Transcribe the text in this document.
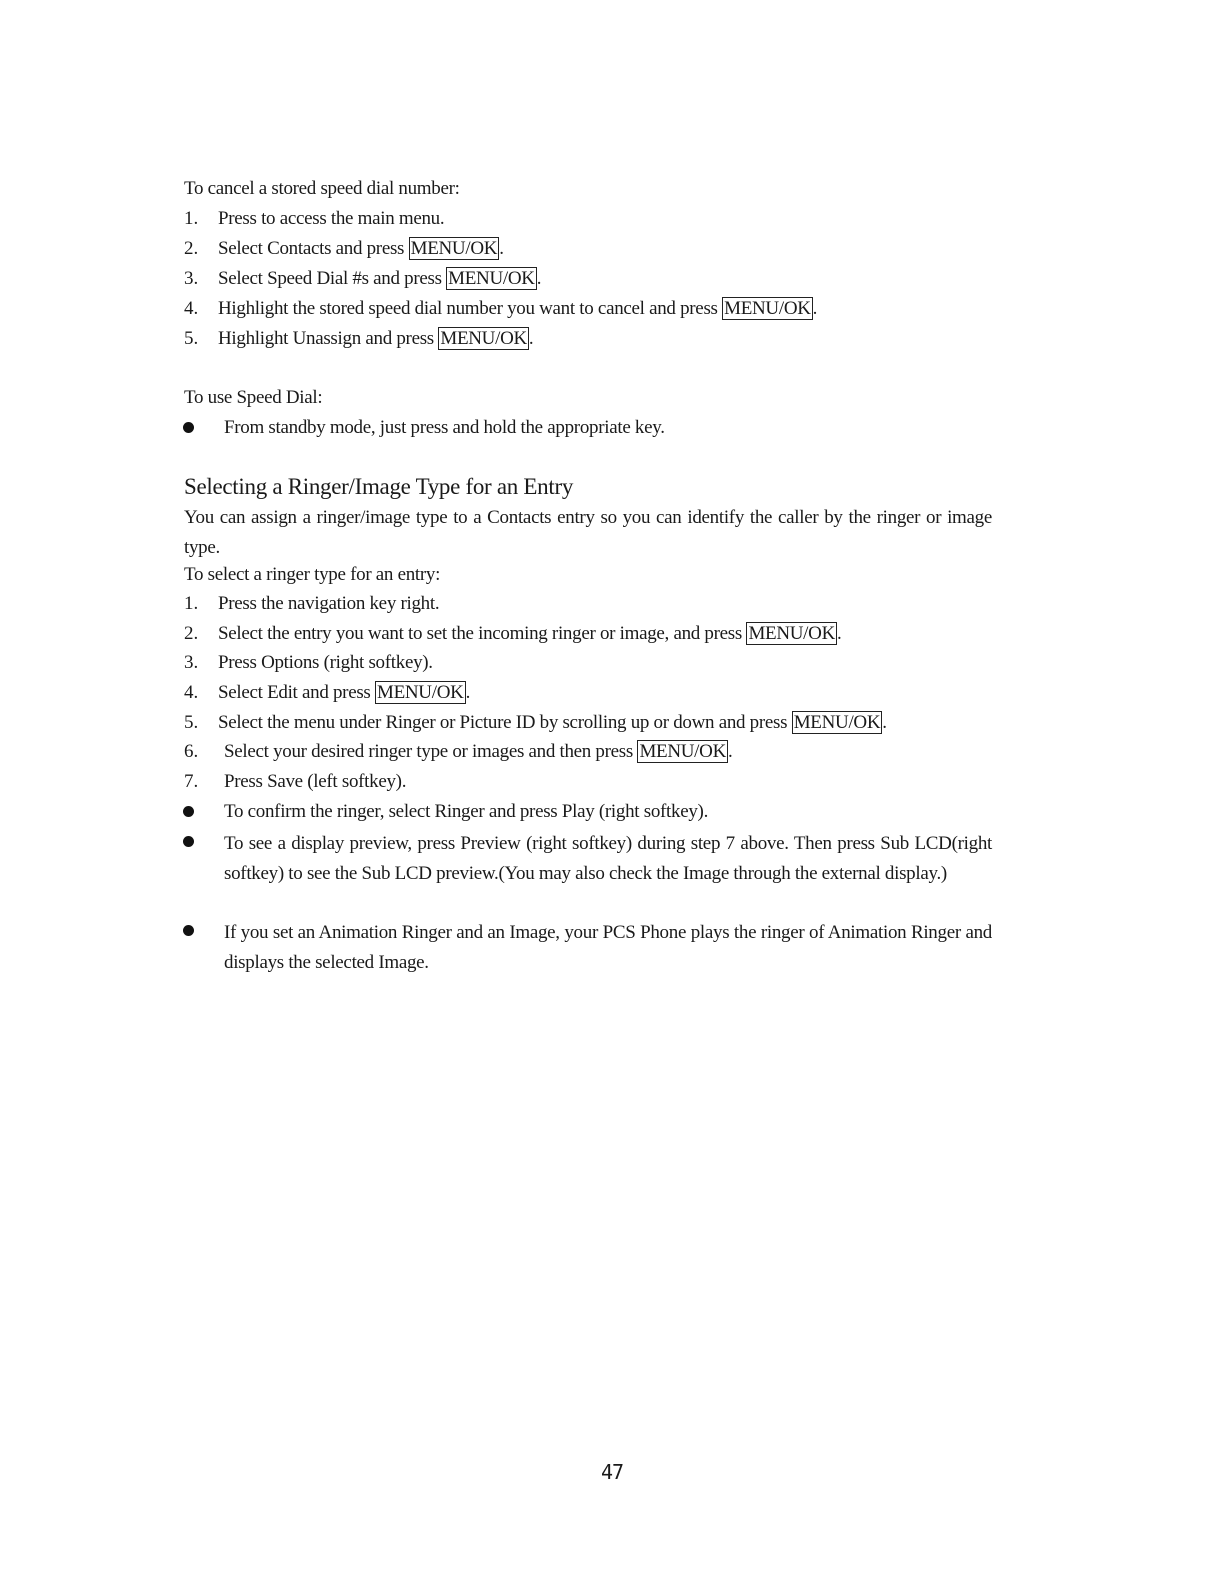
To cancel a stored speed dial number:
1. Press to access the main menu.
2. Select Contacts and press MENU/OK .
3. Select Speed Dial #s and press MENU/OK .
4. Highlight the stored speed dial number you want to cancel and press MENU/OK .
5. Highlight Unassign and press MENU/OK .
To use Speed Dial:
From standby mode, just press and hold the appropriate key.
Selecting a Ringer/Image Type for an Entry
You can assign a ringer/image type to a Contacts entry so you can identify the caller by the ringer or image type.
To select a ringer type for an entry:
1. Press the navigation key right.
2. Select the entry you want to set the incoming ringer or image, and press MENU/OK .
3. Press Options (right softkey).
4. Select Edit and press MENU/OK .
5. Select the menu under Ringer or Picture ID by scrolling up or down and press MENU/OK .
6. Select your desired ringer type or images and then press MENU/OK .
7. Press Save (left softkey).
To confirm the ringer, select Ringer and press Play (right softkey).
To see a display preview, press Preview (right softkey) during step 7 above. Then press Sub LCD(right softkey) to see the Sub LCD preview.(You may also check the Image through the external display.)
If you set an Animation Ringer and an Image, your PCS Phone plays the ringer of Animation Ringer and displays the selected Image.
47
